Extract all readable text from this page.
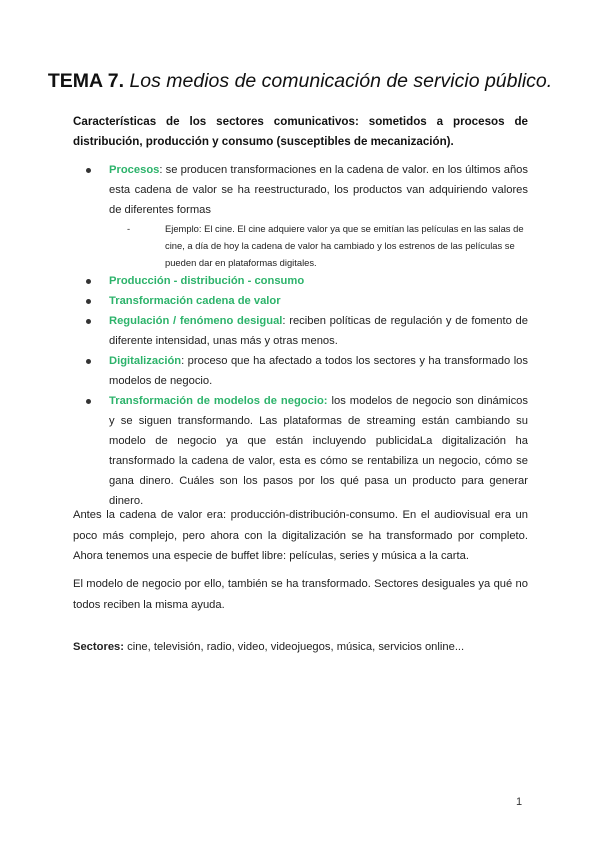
TEMA 7. Los medios de comunicación de servicio público.
Características de los sectores comunicativos: sometidos a procesos de distribución, producción y consumo (susceptibles de mecanización).
Procesos: se producen transformaciones en la cadena de valor. en los últimos años esta cadena de valor se ha reestructurado, los productos van adquiriendo valores de diferentes formas
-	Ejemplo: El cine. El cine adquiere valor ya que se emitían las películas en las salas de cine, a día de hoy la cadena de valor ha cambiado y los estrenos de las películas se pueden dar en plataformas digitales.
Producción - distribución - consumo
Transformación cadena de valor
Regulación / fenómeno desigual: reciben políticas de regulación y de fomento de diferente intensidad, unas más y otras menos.
Digitalización: proceso que ha afectado a todos los sectores y ha transformado los modelos de negocio.
Transformación de modelos de negocio: los modelos de negocio son dinámicos y se siguen transformando. Las plataformas de streaming están cambiando su modelo de negocio ya que están incluyendo publicidaLa digitalización ha transformado la cadena de valor, esta es cómo se rentabiliza un negocio, cómo se gana dinero. Cuáles son los pasos por los qué pasa un producto para generar dinero.
Antes la cadena de valor era: producción-distribución-consumo. En el audiovisual era un poco más complejo, pero ahora con la digitalización se ha transformado por completo. Ahora tenemos una especie de buffet libre: películas, series y música a la carta.
El modelo de negocio por ello, también se ha transformado. Sectores desiguales ya qué no todos reciben la misma ayuda.
Sectores: cine, televisión, radio, video, videojuegos, música, servicios online...
1
